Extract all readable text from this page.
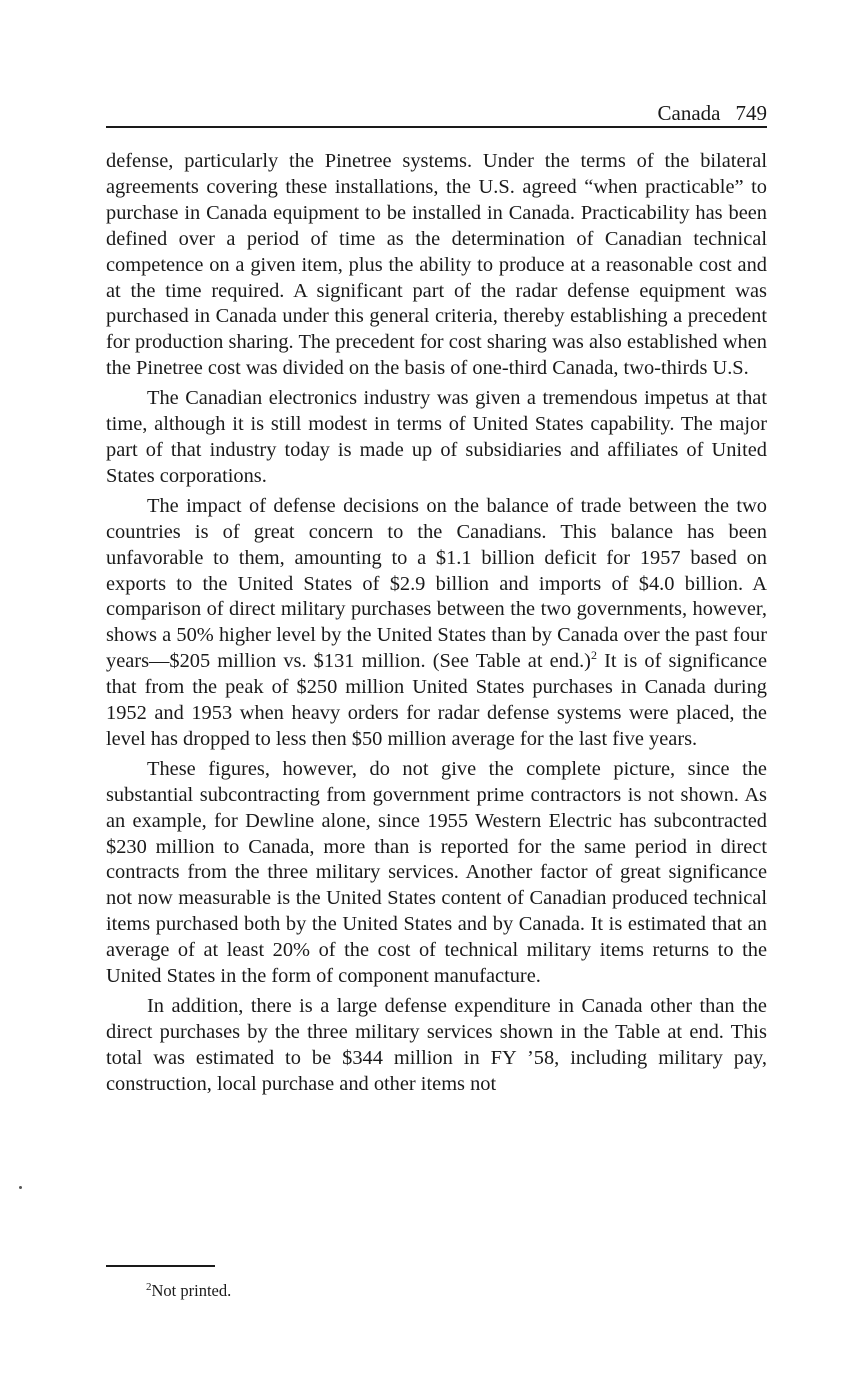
Canada 749

defense, particularly the Pinetree systems. Under the terms of the bilateral agreements covering these installations, the U.S. agreed “when practicable” to purchase in Canada equipment to be installed in Canada. Practicability has been defined over a period of time as the determination of Canadian technical competence on a given item, plus the ability to produce at a reasonable cost and at the time required. A significant part of the radar defense equipment was purchased in Canada under this general criteria, thereby establishing a precedent for production sharing. The precedent for cost sharing was also established when the Pinetree cost was divided on the basis of one-third Canada, two-thirds U.S.

The Canadian electronics industry was given a tremendous impetus at that time, although it is still modest in terms of United States capability. The major part of that industry today is made up of subsidiaries and affiliates of United States corporations.

The impact of defense decisions on the balance of trade between the two countries is of great concern to the Canadians. This balance has been unfavorable to them, amounting to a $1.1 billion deficit for 1957 based on exports to the United States of $2.9 billion and imports of $4.0 billion. A comparison of direct military purchases between the two governments, however, shows a 50% higher level by the United States than by Canada over the past four years—$205 million vs. $131 million. (See Table at end.)$^2$ It is of significance that from the peak of $250 million United States purchases in Canada during 1952 and 1953 when heavy orders for radar defense systems were placed, the level has dropped to less then $50 million average for the last five years.

These figures, however, do not give the complete picture, since the substantial subcontracting from government prime contractors is not shown. As an example, for Dewline alone, since 1955 Western Electric has subcontracted $230 million to Canada, more than is reported for the same period in direct contracts from the three military services. Another factor of great significance not now measurable is the United States content of Canadian produced technical items purchased both by the United States and by Canada. It is estimated that an average of at least 20% of the cost of technical military items returns to the United States in the form of component manufacture.

In addition, there is a large defense expenditure in Canada other than the direct purchases by the three military services shown in the Table at end. This total was estimated to be $344 million in FY ’58, including military pay, construction, local purchase and other items not

$^2$Not printed.
